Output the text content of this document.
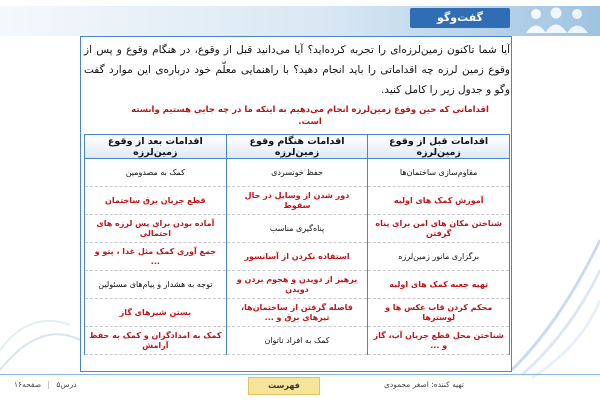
گفت‌وگو

آیا شما تاکنون زمین‌لرزه‌ای را تجربه کرده‌اید؟ آیا می‌دانید قبل از وقوع، در هنگام وقوع و پس از وقوع زمین لرزه چه اقداماتی را باید انجام دهید؟ با راهنمایی معلّم خود درباره‌ی این موارد گفت وگو و جدول زیر را کامل کنید.

اقداماتی که حین وقوع زمین‌لرزه انجام می‌دهیم به اینکه ما در چه جایی هستیم وابسته است.

اقدامات قبل از وقوع زمین‌لرزه	اقدامات هنگام وقوع زمین‌لرزه	اقدامات بعد از وقوع زمین‌لرزه
مقاوم‌سازی ساختمان‌ها	حفظ خونسردی	کمک به مصدومین
آموزش کمک های اولیه	دور شدن از وسایل در حال سقوط	قطع جریان برق ساختمان
شناختن مکان های امن برای پناه گرفتن	پناه‌گیری مناسب	آماده بودن برای پس لرزه های احتمالی
برگزاری مانور زمین‌لرزه	استفاده نکردن از آسانسور	جمع آوری کمک مثل غذا ، پتو و ...
تهیه جعبه کمک های اولیه	پرهیز از دویدن و هجوم بردن و دویدن	توجه به هشدار و پیام‌های مسئولین
محکم کردن قاب عکس ها و لوسترها	فاصله گرفتن از ساختمان‌ها، تیرهای برق و ...	بستن شیرهای گاز
شناختن محل قطع جریان آب، گاز و ...	کمک به افراد ناتوان	کمک به امدادگران و کمک به حفظ آرامش
فهرست	تهیه کننده: اصغر محمودی
درس۵ | صفحه۱۶
